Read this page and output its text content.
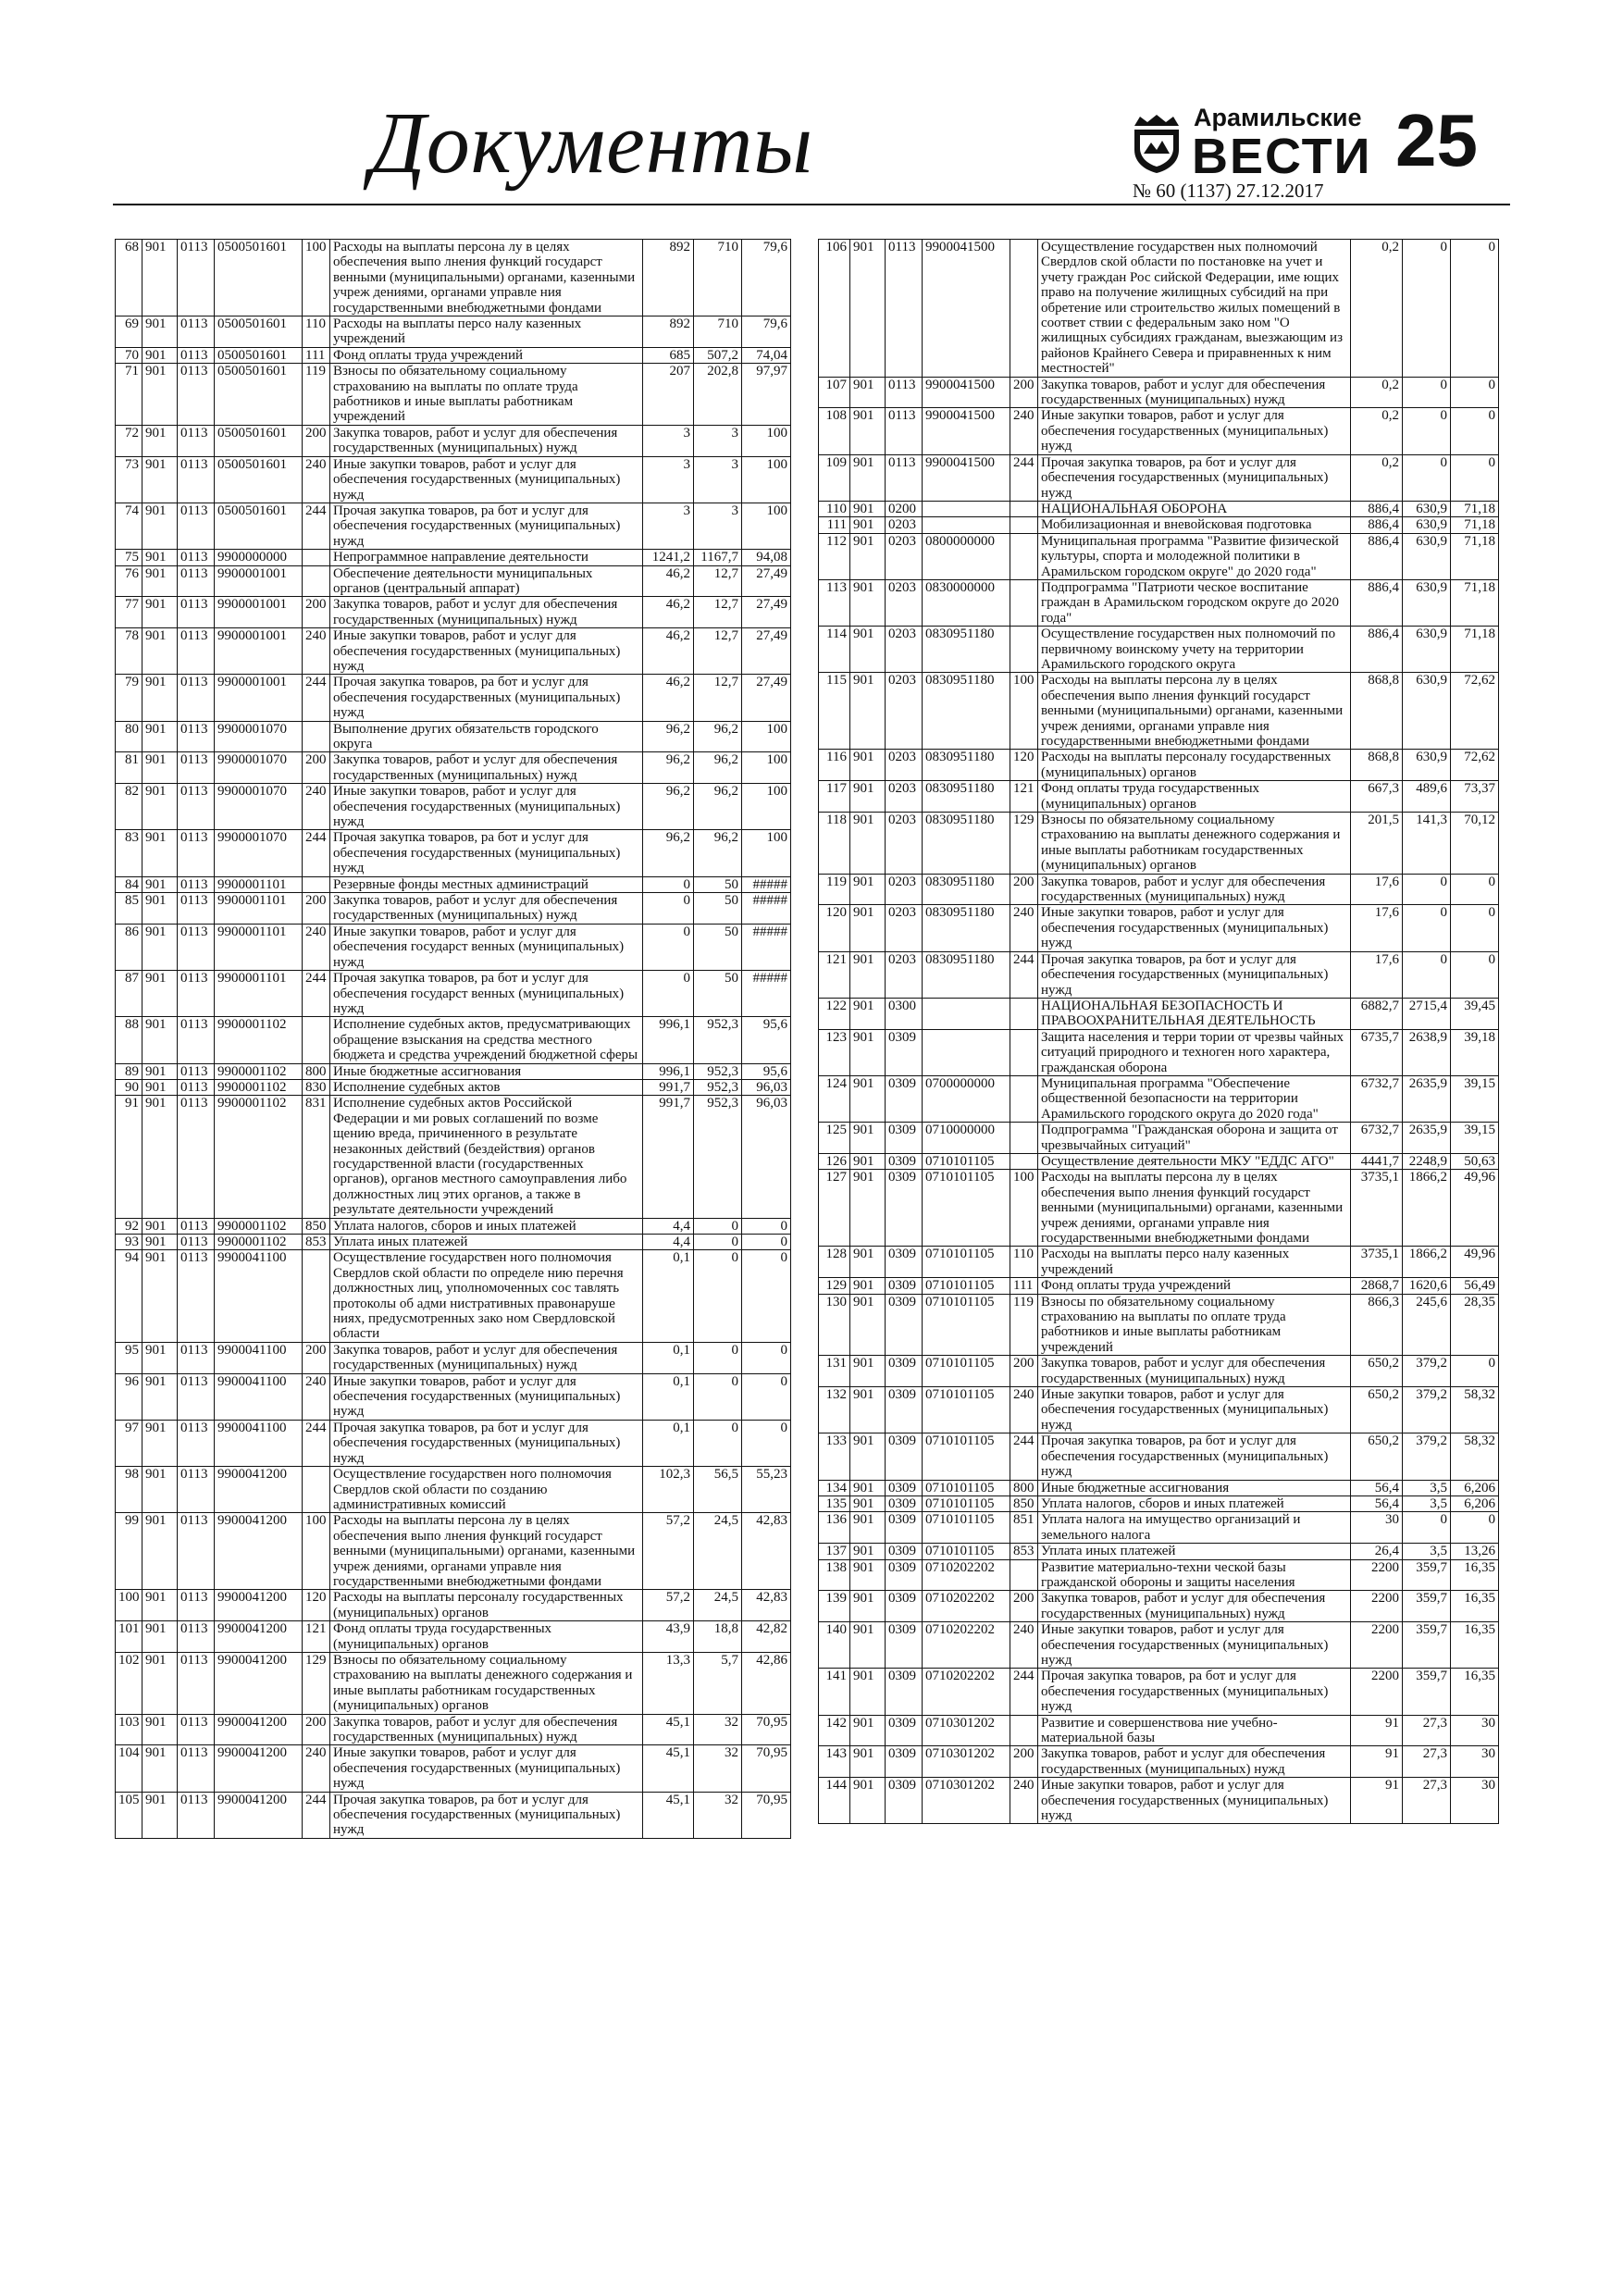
Документы	Арамильские
ВЕСТИ
№ 60 (1137) 27.12.2017
25
68	901	0113	0500501601	100	Расходы на выплаты персона лу в целях обеспечения выпо лнения функций государст венными (муниципальными) органами, казенными учреж дениями, органами управле ния государственными внебюджетными фондами	892	710	79,6
69	901	0113	0500501601	110	Расходы на выплаты персо налу казенных учреждений	892	710	79,6
70	901	0113	0500501601	111	Фонд оплаты труда учреждений	685	507,2	74,04
71	901	0113	0500501601	119	Взносы по обязательному социальному страхованию на выплаты по оплате труда работников и иные выплаты работникам учреждений	207	202,8	97,97
72	901	0113	0500501601	200	Закупка товаров, работ и услуг для обеспечения государственных (муниципальных) нужд	3	3	100
73	901	0113	0500501601	240	Иные закупки товаров, работ и услуг для обеспечения государственных (муниципальных) нужд	3	3	100
74	901	0113	0500501601	244	Прочая закупка товаров, ра бот и услуг для обеспечения государственных (муниципальных) нужд	3	3	100
75	901	0113	9900000000		Непрограммное направление деятельности	1241,2	1167,7	94,08
76	901	0113	9900001001		Обеспечение деятельности муниципальных органов (центральный аппарат)	46,2	12,7	27,49
77	901	0113	9900001001	200	Закупка товаров, работ и услуг для обеспечения государственных (муниципальных) нужд	46,2	12,7	27,49
78	901	0113	9900001001	240	Иные закупки товаров, работ и услуг для обеспечения государственных (муниципальных) нужд	46,2	12,7	27,49
79	901	0113	9900001001	244	Прочая закупка товаров, ра бот и услуг для обеспечения государственных (муниципальных) нужд	46,2	12,7	27,49
80	901	0113	9900001070		Выполнение других обязательств городского округа	96,2	96,2	100
81	901	0113	9900001070	200	Закупка товаров, работ и услуг для обеспечения государственных (муниципальных) нужд	96,2	96,2	100
82	901	0113	9900001070	240	Иные закупки товаров, работ и услуг для обеспечения государственных (муниципальных) нужд	96,2	96,2	100
83	901	0113	9900001070	244	Прочая закупка товаров, ра бот и услуг для обеспечения государственных (муниципальных) нужд	96,2	96,2	100
84	901	0113	9900001101		Резервные фонды местных администраций	0	50	#####
85	901	0113	9900001101	200	Закупка товаров, работ и услуг для обеспечения государственных (муниципальных) нужд	0	50	#####
86	901	0113	9900001101	240	Иные закупки товаров, работ и услуг для обеспечения государст венных (муниципальных) нужд	0	50	#####
87	901	0113	9900001101	244	Прочая закупка товаров, ра бот и услуг для обеспечения государст венных (муниципальных) нужд	0	50	#####
88	901	0113	9900001102		Исполнение судебных актов, предусматривающих обращение взыскания на средства местного бюджета и средства учреждений бюджетной сферы	996,1	952,3	95,6
89	901	0113	9900001102	800	Иные бюджетные ассигнования	996,1	952,3	95,6
90	901	0113	9900001102	830	Исполнение судебных актов	991,7	952,3	96,03
91	901	0113	9900001102	831	Исполнение судебных актов Российской Федерации и ми ровых соглашений по возме щению вреда, причиненного в результате незаконных действий (бездействия) органов государственной власти (государственных органов), органов местного самоуправления либо должностных лиц этих органов, а также в результате деятельности учреждений	991,7	952,3	96,03
92	901	0113	9900001102	850	Уплата налогов, сборов и иных платежей	4,4	0	0
93	901	0113	9900001102	853	Уплата иных платежей	4,4	0	0
94	901	0113	9900041100		Осуществление государствен ного полномочия Свердлов ской области по определе нию перечня должностных лиц, уполномоченных сос тавлять протоколы об адми нистративных правонаруше ниях, предусмотренных зако ном Свердловской области	0,1	0	0
95	901	0113	9900041100	200	Закупка товаров, работ и услуг для обеспечения государственных (муниципальных) нужд	0,1	0	0
96	901	0113	9900041100	240	Иные закупки товаров, работ и услуг для обеспечения государственных (муниципальных) нужд	0,1	0	0
97	901	0113	9900041100	244	Прочая закупка товаров, ра бот и услуг для обеспечения государственных (муниципальных) нужд	0,1	0	0
98	901	0113	9900041200		Осуществление государствен ного полномочия Свердлов ской области по созданию административных комиссий	102,3	56,5	55,23
99	901	0113	9900041200	100	Расходы на выплаты персона лу в целях обеспечения выпо лнения функций государст венными (муниципальными) органами, казенными учреж дениями, органами управле ния государственными внебюджетными фондами	57,2	24,5	42,83
100	901	0113	9900041200	120	Расходы на выплаты персоналу государственных (муниципальных) органов	57,2	24,5	42,83
101	901	0113	9900041200	121	Фонд оплаты труда государственных (муниципальных) органов	43,9	18,8	42,82
102	901	0113	9900041200	129	Взносы по обязательному социальному страхованию на выплаты денежного содержания и иные выплаты работникам государственных (муниципальных) органов	13,3	5,7	42,86
103	901	0113	9900041200	200	Закупка товаров, работ и услуг для обеспечения государственных (муниципальных) нужд	45,1	32	70,95
104	901	0113	9900041200	240	Иные закупки товаров, работ и услуг для обеспечения государственных (муниципальных) нужд	45,1	32	70,95
105	901	0113	9900041200	244	Прочая закупка товаров, ра бот и услуг для обеспечения государственных (муниципальных) нужд	45,1	32	70,95
106	901	0113	9900041500		Осуществление государствен ных полномочий Свердлов ской области по постановке на учет и учету граждан Рос сийской Федерации, име ющих право на получение жилищных субсидий на при обретение или строительство жилых помещений в соответ ствии с федеральным зако ном "О жилищных субсидиях гражданам, выезжающим из районов Крайнего Севера и приравненных к ним местностей"	0,2	0	0
107	901	0113	9900041500	200	Закупка товаров, работ и услуг для обеспечения государственных (муниципальных) нужд	0,2	0	0
108	901	0113	9900041500	240	Иные закупки товаров, работ и услуг для обеспечения государственных (муниципальных) нужд	0,2	0	0
109	901	0113	9900041500	244	Прочая закупка товаров, ра бот и услуг для обеспечения государственных (муниципальных) нужд	0,2	0	0
110	901	0200			НАЦИОНАЛЬНАЯ ОБОРОНА	886,4	630,9	71,18
111	901	0203			Мобилизационная и вневойсковая подготовка	886,4	630,9	71,18
112	901	0203	0800000000		Муниципальная программа "Развитие физической культуры, спорта и молодежной политики в Арамильском городском округе" до 2020 года"	886,4	630,9	71,18
113	901	0203	0830000000		Подпрограмма "Патриоти ческое воспитание граждан в Арамильском городском округе до 2020 года"	886,4	630,9	71,18
114	901	0203	0830951180		Осуществление государствен ных полномочий по первичному воинскому учету на территории Арамильского городского округа	886,4	630,9	71,18
115	901	0203	0830951180	100	Расходы на выплаты персона лу в целях обеспечения выпо лнения функций государст венными (муниципальными) органами, казенными учреж дениями, органами управле ния государственными внебюджетными фондами	868,8	630,9	72,62
116	901	0203	0830951180	120	Расходы на выплаты персоналу государственных (муниципальных) органов	868,8	630,9	72,62
117	901	0203	0830951180	121	Фонд оплаты труда государственных (муниципальных) органов	667,3	489,6	73,37
118	901	0203	0830951180	129	Взносы по обязательному социальному страхованию на выплаты денежного содержания и иные выплаты работникам государственных (муниципальных) органов	201,5	141,3	70,12
119	901	0203	0830951180	200	Закупка товаров, работ и услуг для обеспечения государственных (муниципальных) нужд	17,6	0	0
120	901	0203	0830951180	240	Иные закупки товаров, работ и услуг для обеспечения государственных (муниципальных) нужд	17,6	0	0
121	901	0203	0830951180	244	Прочая закупка товаров, ра бот и услуг для обеспечения государственных (муниципальных) нужд	17,6	0	0
122	901	0300			НАЦИОНАЛЬНАЯ БЕЗОПАСНОСТЬ И ПРАВООХРАНИТЕЛЬНАЯ ДЕЯТЕЛЬНОСТЬ	6882,7	2715,4	39,45
123	901	0309			Защита населения и терри тории от чрезвы чайных ситуаций природного и техноген ного характера, гражданская оборона	6735,7	2638,9	39,18
124	901	0309	0700000000		Муниципальная программа "Обеспечение общественной безопасности на территории Арамильского городского округа до 2020 года"	6732,7	2635,9	39,15
125	901	0309	0710000000		Подпрограмма "Гражданская оборона и защита от чрезвычайных ситуаций"	6732,7	2635,9	39,15
126	901	0309	0710101105		Осуществление деятельности МКУ "ЕДДС АГО"	4441,7	2248,9	50,63
127	901	0309	0710101105	100	Расходы на выплаты персона лу в целях обеспечения выпо лнения функций государст венными (муниципальными) органами, казенными учреж дениями, органами управле ния государственными внебюджетными фондами	3735,1	1866,2	49,96
128	901	0309	0710101105	110	Расходы на выплаты персо налу казенных учреждений	3735,1	1866,2	49,96
129	901	0309	0710101105	111	Фонд оплаты труда учреждений	2868,7	1620,6	56,49
130	901	0309	0710101105	119	Взносы по обязательному социальному страхованию на выплаты по оплате труда работников и иные выплаты работникам учреждений	866,3	245,6	28,35
131	901	0309	0710101105	200	Закупка товаров, работ и услуг для обеспечения государственных (муниципальных) нужд	650,2	379,2	0
132	901	0309	0710101105	240	Иные закупки товаров, работ и услуг для обеспечения государственных (муниципальных) нужд	650,2	379,2	58,32
133	901	0309	0710101105	244	Прочая закупка товаров, ра бот и услуг для обеспечения государственных (муниципальных) нужд	650,2	379,2	58,32
134	901	0309	0710101105	800	Иные бюджетные ассигнования	56,4	3,5	6,206
135	901	0309	0710101105	850	Уплата налогов, сборов и иных платежей	56,4	3,5	6,206
136	901	0309	0710101105	851	Уплата налога на имущество организаций и земельного налога	30	0	0
137	901	0309	0710101105	853	Уплата иных платежей	26,4	3,5	13,26
138	901	0309	0710202202		Развитие материально-техни ческой базы гражданской обороны и защиты населения	2200	359,7	16,35
139	901	0309	0710202202	200	Закупка товаров, работ и услуг для обеспечения государственных (муниципальных) нужд	2200	359,7	16,35
140	901	0309	0710202202	240	Иные закупки товаров, работ и услуг для обеспечения государственных (муниципальных) нужд	2200	359,7	16,35
141	901	0309	0710202202	244	Прочая закупка товаров, ра бот и услуг для обеспечения государственных (муниципальных) нужд	2200	359,7	16,35
142	901	0309	0710301202		Развитие и совершенствова ние учебно-материальной базы	91	27,3	30
143	901	0309	0710301202	200	Закупка товаров, работ и услуг для обеспечения государственных (муниципальных) нужд	91	27,3	30
144	901	0309	0710301202	240	Иные закупки товаров, работ и услуг для обеспечения государственных (муниципальных) нужд	91	27,3	30
